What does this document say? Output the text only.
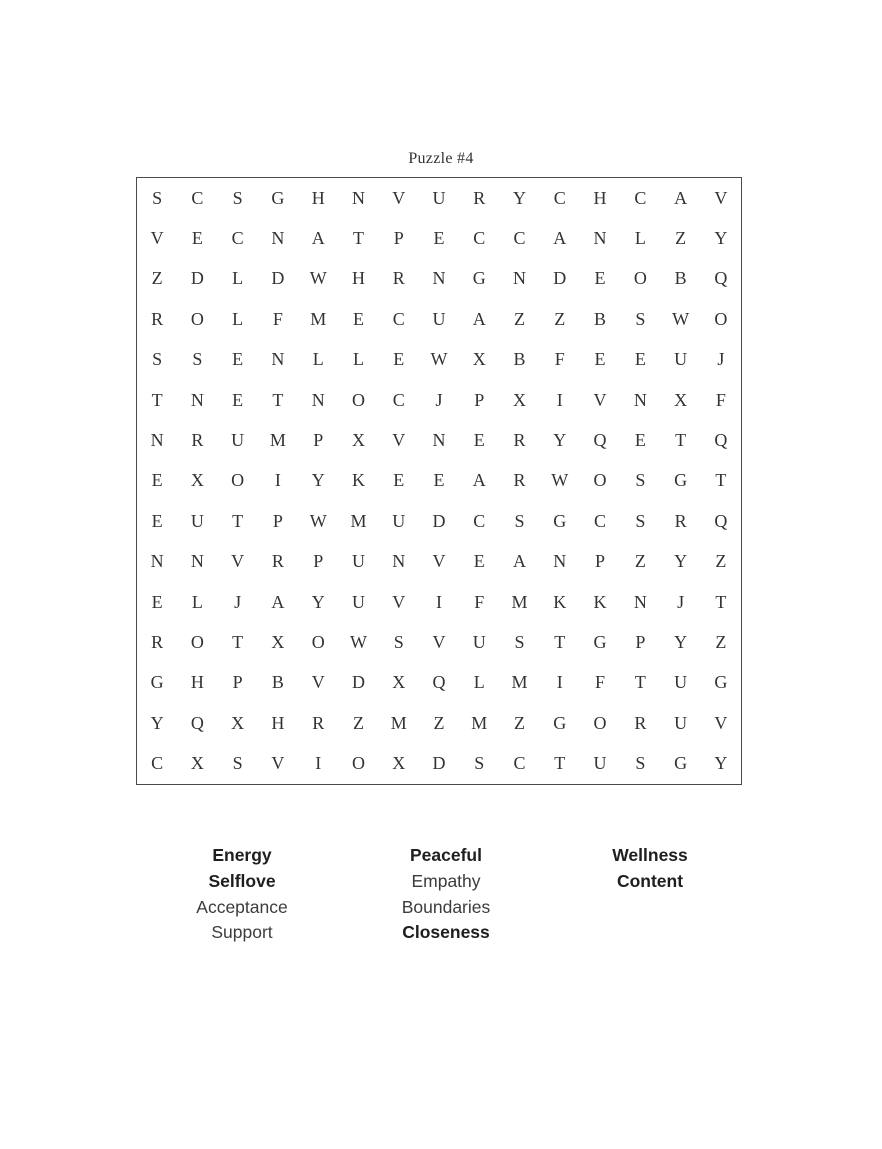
Puzzle #4
S	C	S	G	H	N	V	U	R	Y	C	H	C	A	V
V	E	C	N	A	T	P	E	C	C	A	N	L	Z	Y
Z	D	L	D	W	H	R	N	G	N	D	E	O	B	Q
R	O	L	F	M	E	C	U	A	Z	Z	B	S	W	O
S	S	E	N	L	L	E	W	X	B	F	E	E	U	J
T	N	E	T	N	O	C	J	P	X	I	V	N	X	F
N	R	U	M	P	X	V	N	E	R	Y	Q	E	T	Q
E	X	O	I	Y	K	E	E	A	R	W	O	S	G	T
E	U	T	P	W	M	U	D	C	S	G	C	S	R	Q
N	N	V	R	P	U	N	V	E	A	N	P	Z	Y	Z
E	L	J	A	Y	U	V	I	F	M	K	K	N	J	T
R	O	T	X	O	W	S	V	U	S	T	G	P	Y	Z
G	H	P	B	V	D	X	Q	L	M	I	F	T	U	G
Y	Q	X	H	R	Z	M	Z	M	Z	G	O	R	U	V
C	X	S	V	I	O	X	D	S	C	T	U	S	G	Y
Energy
Selflove
Acceptance
Support
Peaceful
Empathy
Boundaries
Closeness
Wellness
Content
